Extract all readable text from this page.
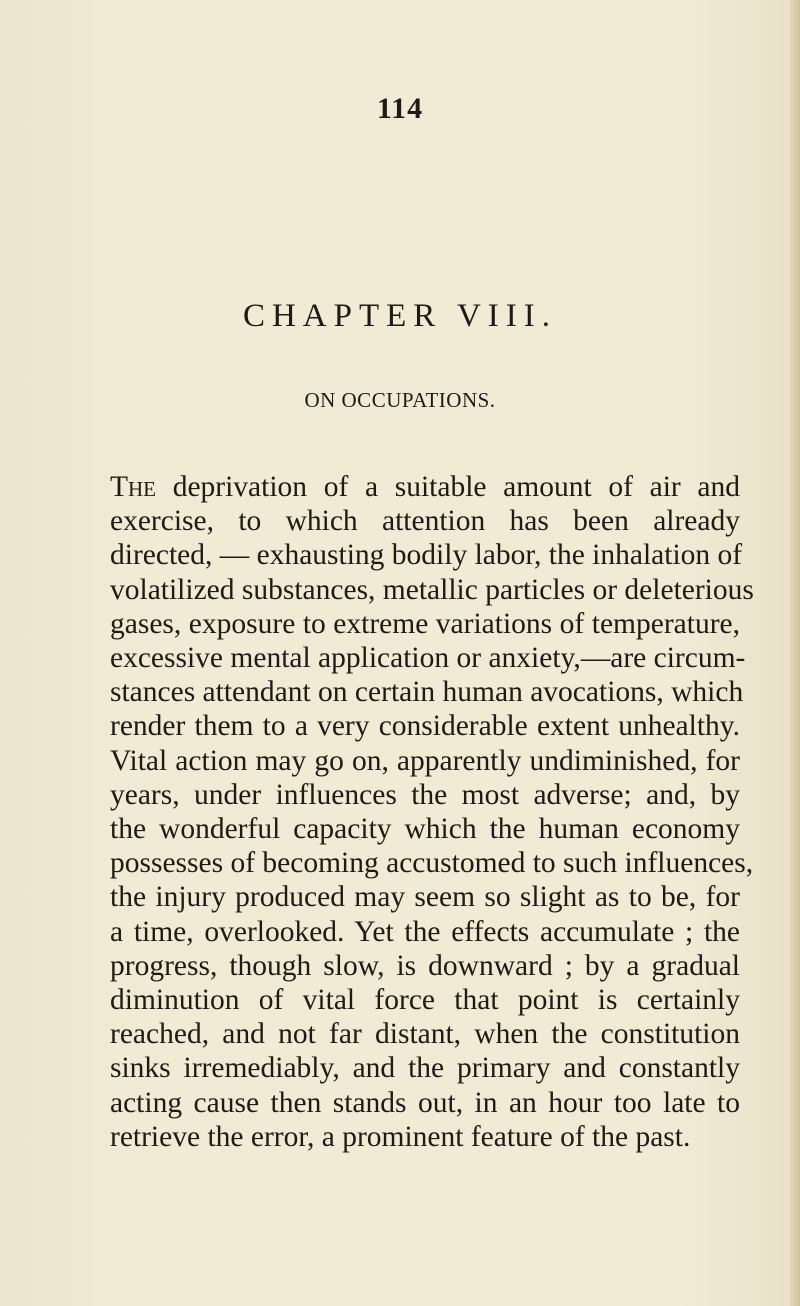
114
CHAPTER VIII.
ON OCCUPATIONS.
The deprivation of a suitable amount of air and
exercise, to which attention has been already
directed, — exhausting bodily labor, the inhalation of
volatilized substances, metallic particles or deleterious
gases, exposure to extreme variations of temperature,
excessive mental application or anxiety,—are circum-
stances attendant on certain human avocations, which
render them to a very considerable extent unhealthy.
Vital action may go on, apparently undiminished, for
years, under influences the most adverse; and, by
the wonderful capacity which the human economy
possesses of becoming accustomed to such influences,
the injury produced may seem so slight as to be, for
a time, overlooked. Yet the effects accumulate ; the
progress, though slow, is downward ; by a gradual
diminution of vital force that point is certainly
reached, and not far distant, when the constitution
sinks irremediably, and the primary and constantly
acting cause then stands out, in an hour too late to
retrieve the error, a prominent feature of the past.
